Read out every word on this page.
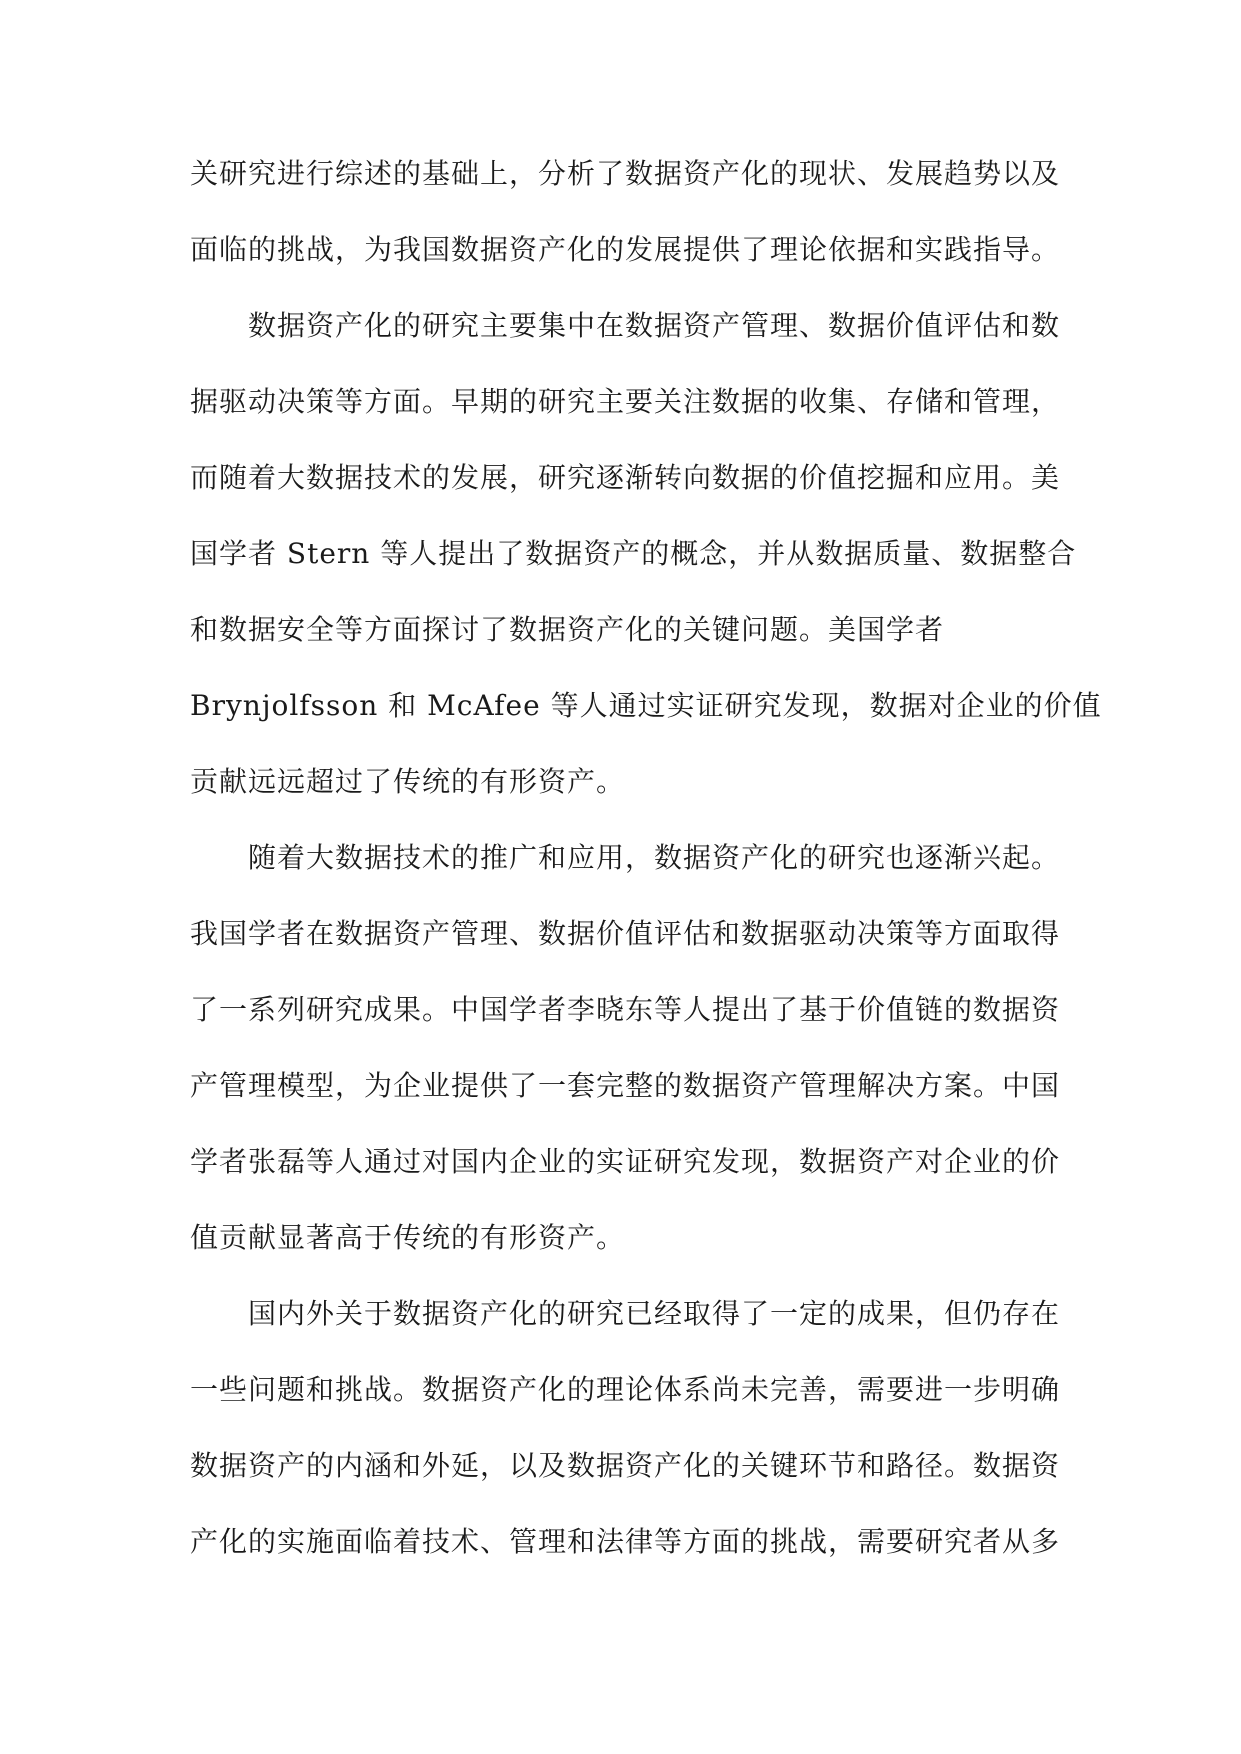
关研究进行综述的基础上，分析了数据资产化的现状、发展趋势以及
面临的挑战，为我国数据资产化的发展提供了理论依据和实践指导。
数据资产化的研究主要集中在数据资产管理、数据价值评估和数
据驱动决策等方面。早期的研究主要关注数据的收集、存储和管理，
而随着大数据技术的发展，研究逐渐转向数据的价值挖掘和应用。美
国学者 Stern 等人提出了数据资产的概念，并从数据质量、数据整合
和数据安全等方面探讨了数据资产化的关键问题。美国学者
Brynjolfsson 和 McAfee 等人通过实证研究发现，数据对企业的价值
贡献远远超过了传统的有形资产。
随着大数据技术的推广和应用，数据资产化的研究也逐渐兴起。
我国学者在数据资产管理、数据价值评估和数据驱动决策等方面取得
了一系列研究成果。中国学者李晓东等人提出了基于价值链的数据资
产管理模型，为企业提供了一套完整的数据资产管理解决方案。中国
学者张磊等人通过对国内企业的实证研究发现，数据资产对企业的价
值贡献显著高于传统的有形资产。
国内外关于数据资产化的研究已经取得了一定的成果，但仍存在
一些问题和挑战。数据资产化的理论体系尚未完善，需要进一步明确
数据资产的内涵和外延，以及数据资产化的关键环节和路径。数据资
产化的实施面临着技术、管理和法律等方面的挑战，需要研究者从多
